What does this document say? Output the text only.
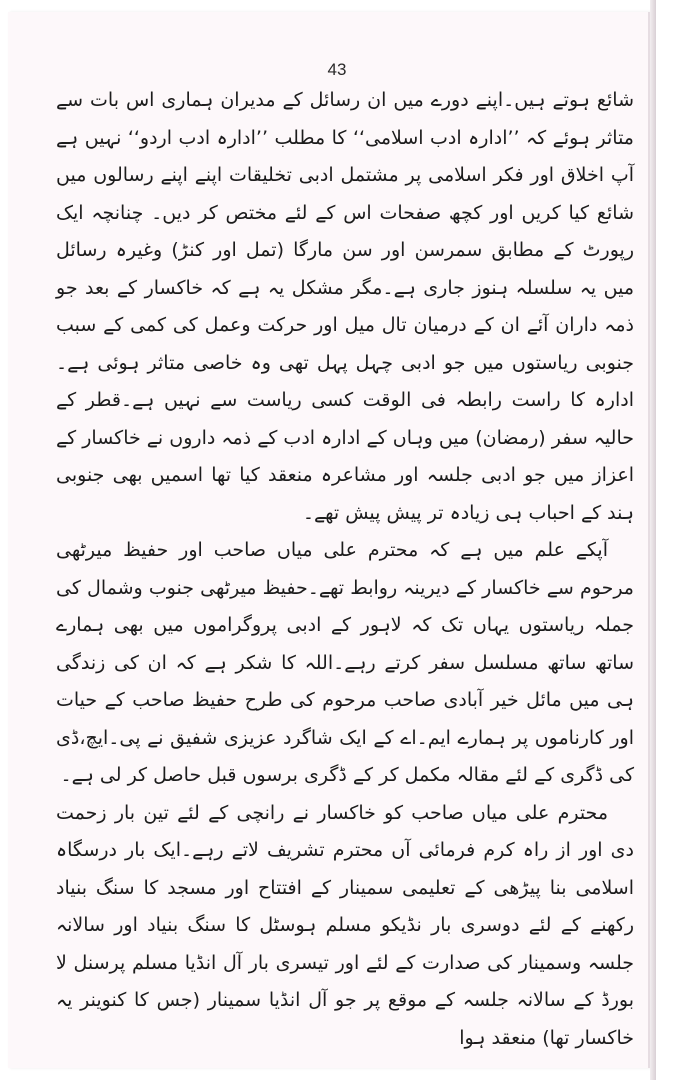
43

شائع ہوتے ہیں۔اپنے دورے میں ان رسائل کے مدیران ہماری اس بات سے متاثر ہوئے کہ ’’ادارہ ادب اسلامی‘‘ کا مطلب ’’ادارہ ادب اردو‘‘ نہیں ہے آپ اخلاق اور فکر اسلامی پر مشتمل ادبی تخلیقات اپنے اپنے رسالوں میں شائع کیا کریں اور کچھ صفحات اس کے لئے مختص کر دیں۔ چنانچہ ایک رپورٹ کے مطابق سمرسن اور سن مارگا (تمل اور کنڑ) وغیرہ رسائل میں یہ سلسلہ ہنوز جاری ہے۔مگر مشکل یہ ہے کہ خاکسار کے بعد جو ذمہ داران آئے ان کے درمیان تال میل اور حرکت وعمل کی کمی کے سبب جنوبی ریاستوں میں جو ادبی چہل پہل تھی وہ خاصی متاثر ہوئی ہے۔ادارہ کا راست رابطہ فی الوقت کسی ریاست سے نہیں ہے۔قطر کے حالیہ سفر (رمضان) میں وہاں کے ادارہ ادب کے ذمہ داروں نے خاکسار کے اعزاز میں جو ادبی جلسہ اور مشاعرہ منعقد کیا تھا اسمیں بھی جنوبی ہند کے احباب ہی زیادہ تر پیش پیش تھے۔

آپکے علم میں ہے کہ محترم علی میاں صاحب اور حفیظ میرٹھی مرحوم سے خاکسار کے دیرینہ روابط تھے۔حفیظ میرٹھی جنوب وشمال کی جملہ ریاستوں یہاں تک کہ لاہور کے ادبی پروگراموں میں بھی ہمارے ساتھ ساتھ مسلسل سفر کرتے رہے۔اللہ کا شکر ہے کہ ان کی زندگی ہی میں مائل خیر آبادی صاحب مرحوم کی طرح حفیظ صاحب کے حیات اور کارناموں پر ہمارے ایم۔اے کے ایک شاگرد عزیزی شفیق نے پی۔ایچ،ڈی کی ڈگری کے لئے مقالہ مکمل کر کے ڈگری برسوں قبل حاصل کر لی ہے۔

محترم علی میاں صاحب کو خاکسار نے رانچی کے لئے تین بار زحمت دی اور از راہ کرم فرمائی آں محترم تشریف لاتے رہے۔ایک بار درسگاہ اسلامی بنا پیڑھی کے تعلیمی سمینار کے افتتاح اور مسجد کا سنگ بنیاد رکھنے کے لئے دوسری بار نڈیکو مسلم ہوسٹل کا سنگ بنیاد اور سالانہ جلسہ وسمینار کی صدارت کے لئے اور تیسری بار آل انڈیا مسلم پرسنل لا بورڈ کے سالانہ جلسہ کے موقع پر جو آل انڈیا سمینار (جس کا کنوینر یہ خاکسار تھا) منعقد ہوا
